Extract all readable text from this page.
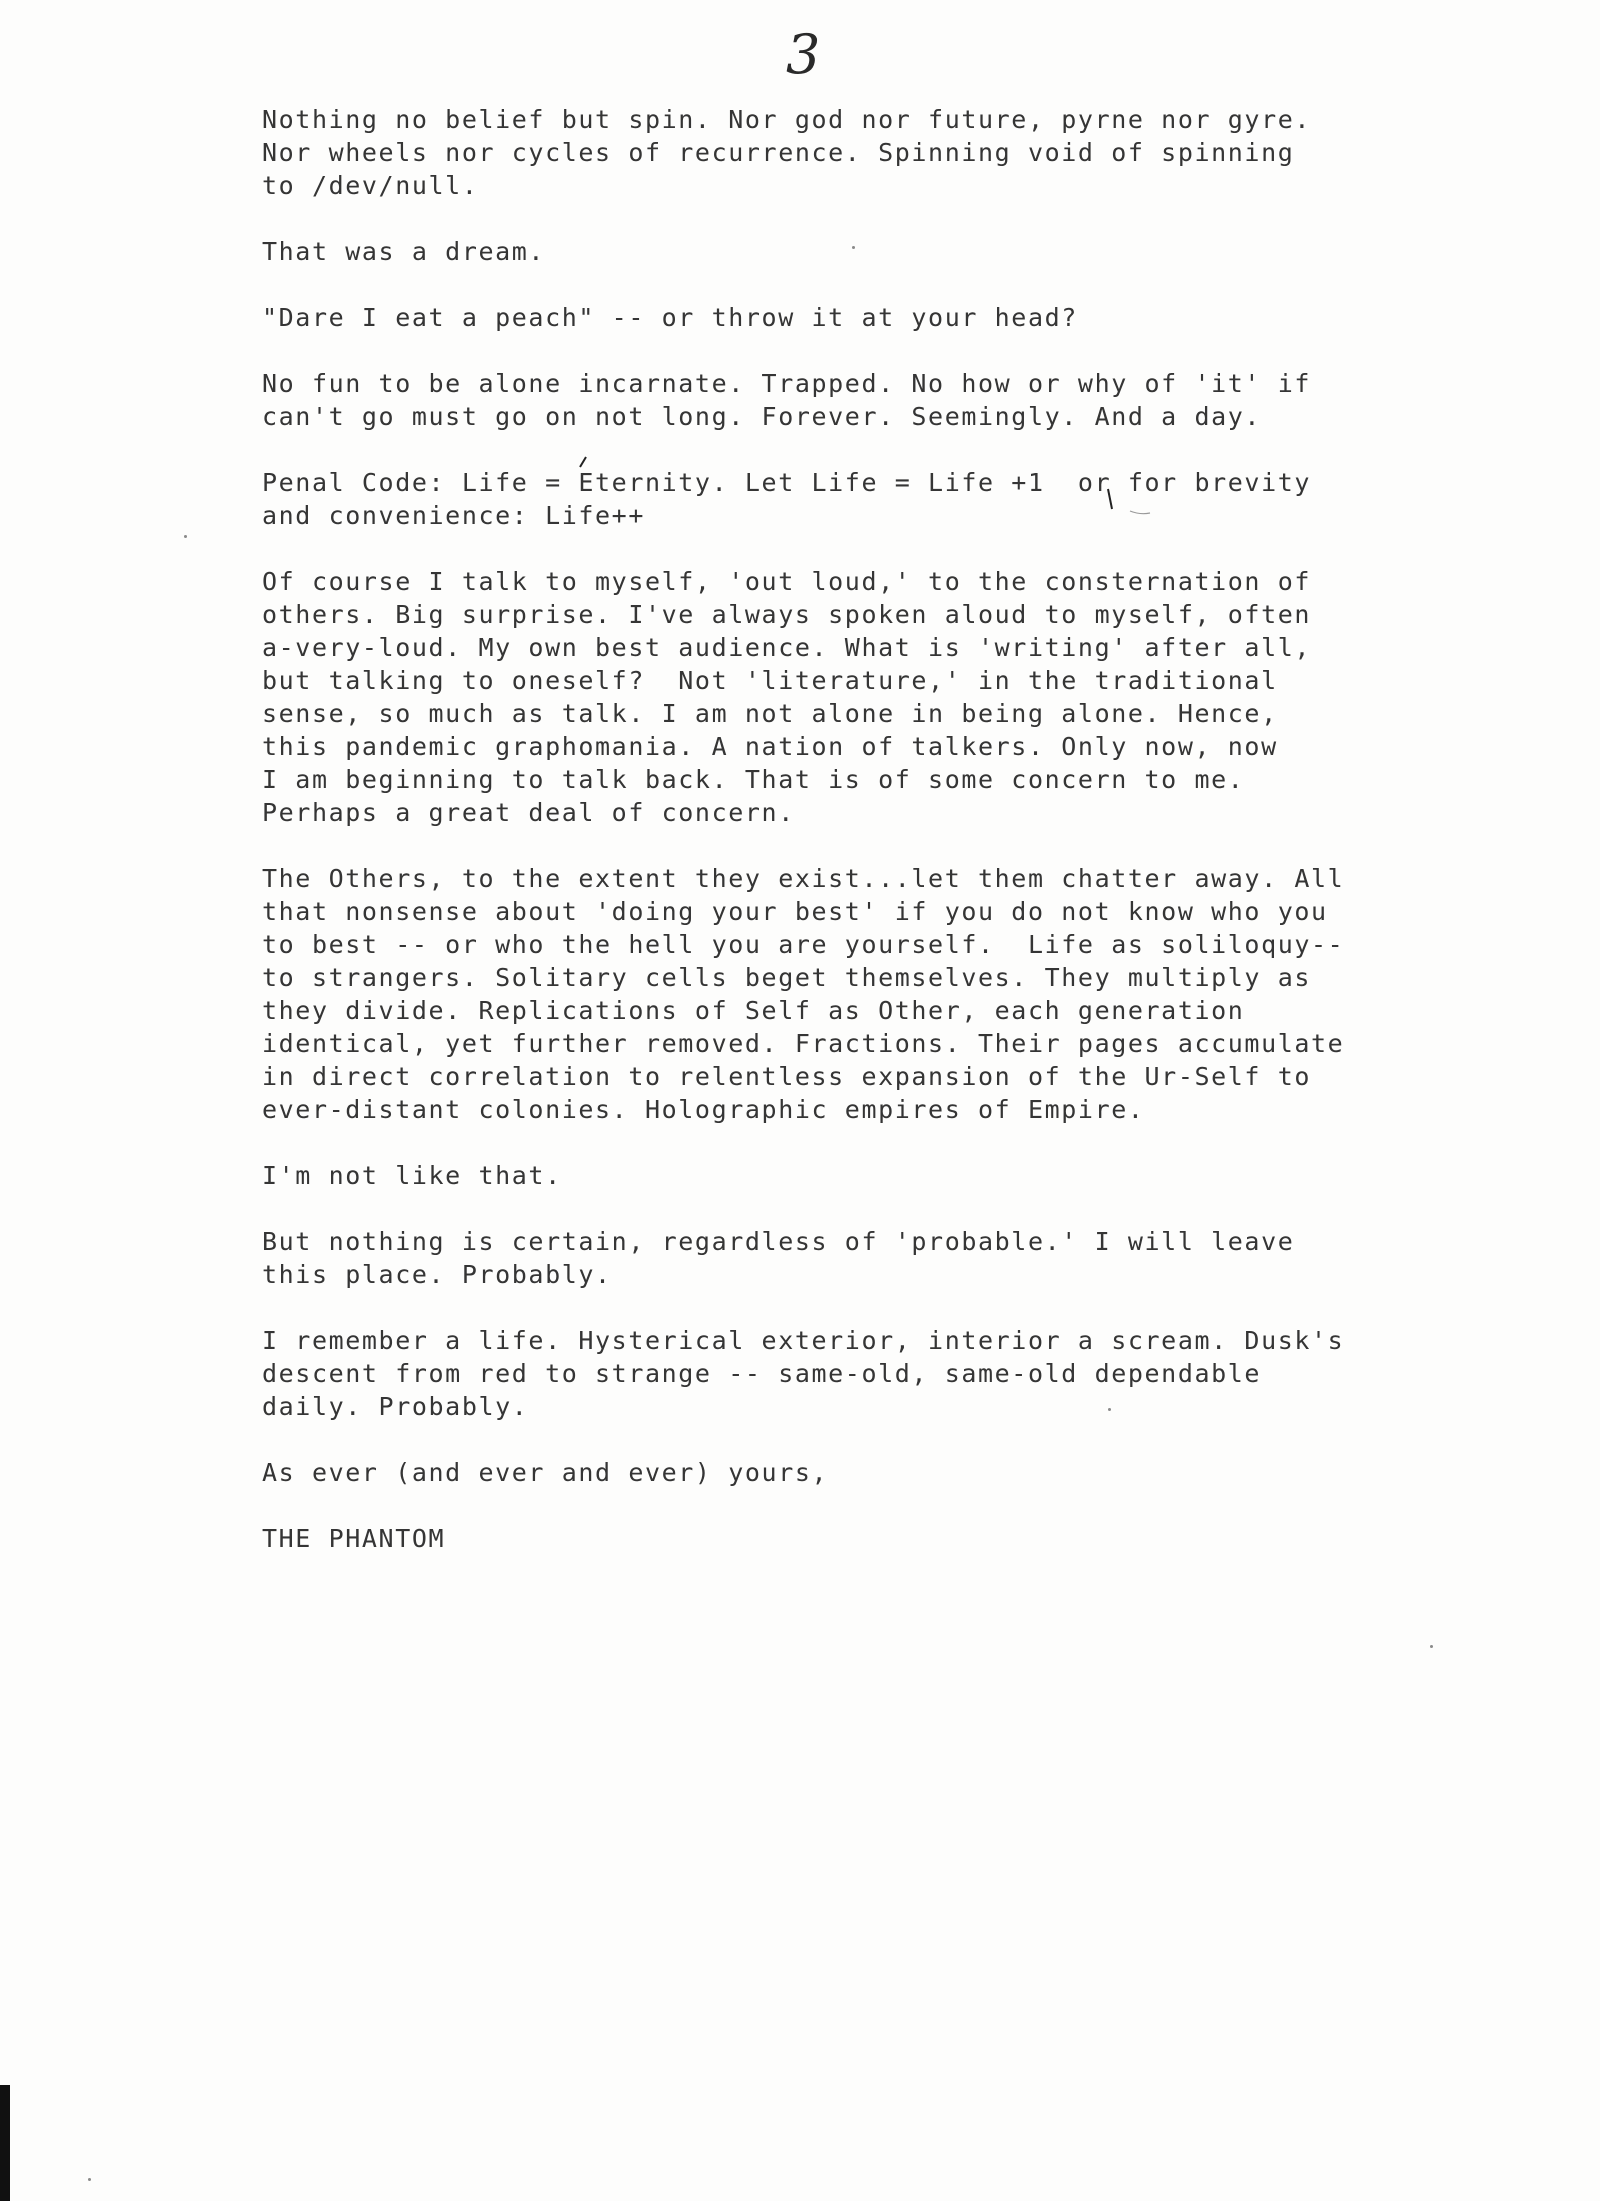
3

Nothing no belief but spin. Nor god nor future, pyrne nor gyre.
Nor wheels nor cycles of recurrence. Spinning void of spinning
to /dev/null.

That was a dream.

"Dare I eat a peach" -- or throw it at your head?

No fun to be alone incarnate. Trapped. No how or why of 'it' if
can't go must go on not long. Forever. Seemingly. And a day.

Penal Code: Life = Eternity. Let Life = Life +1  or for brevity
and convenience: Life++

Of course I talk to myself, 'out loud,' to the consternation of
others. Big surprise. I've always spoken aloud to myself, often
a-very-loud. My own best audience. What is 'writing' after all,
but talking to oneself?  Not 'literature,' in the traditional
sense, so much as talk. I am not alone in being alone. Hence,
this pandemic graphomania. A nation of talkers. Only now, now
I am beginning to talk back. That is of some concern to me.
Perhaps a great deal of concern.

The Others, to the extent they exist...let them chatter away. All
that nonsense about 'doing your best' if you do not know who you
to best -- or who the hell you are yourself.  Life as soliloquy--
to strangers. Solitary cells beget themselves. They multiply as
they divide. Replications of Self as Other, each generation
identical, yet further removed. Fractions. Their pages accumulate
in direct correlation to relentless expansion of the Ur-Self to
ever-distant colonies. Holographic empires of Empire.

I'm not like that.

But nothing is certain, regardless of 'probable.' I will leave
this place. Probably.

I remember a life. Hysterical exterior, interior a scream. Dusk's
descent from red to strange -- same-old, same-old dependable
daily. Probably.

As ever (and ever and ever) yours,

THE PHANTOM
